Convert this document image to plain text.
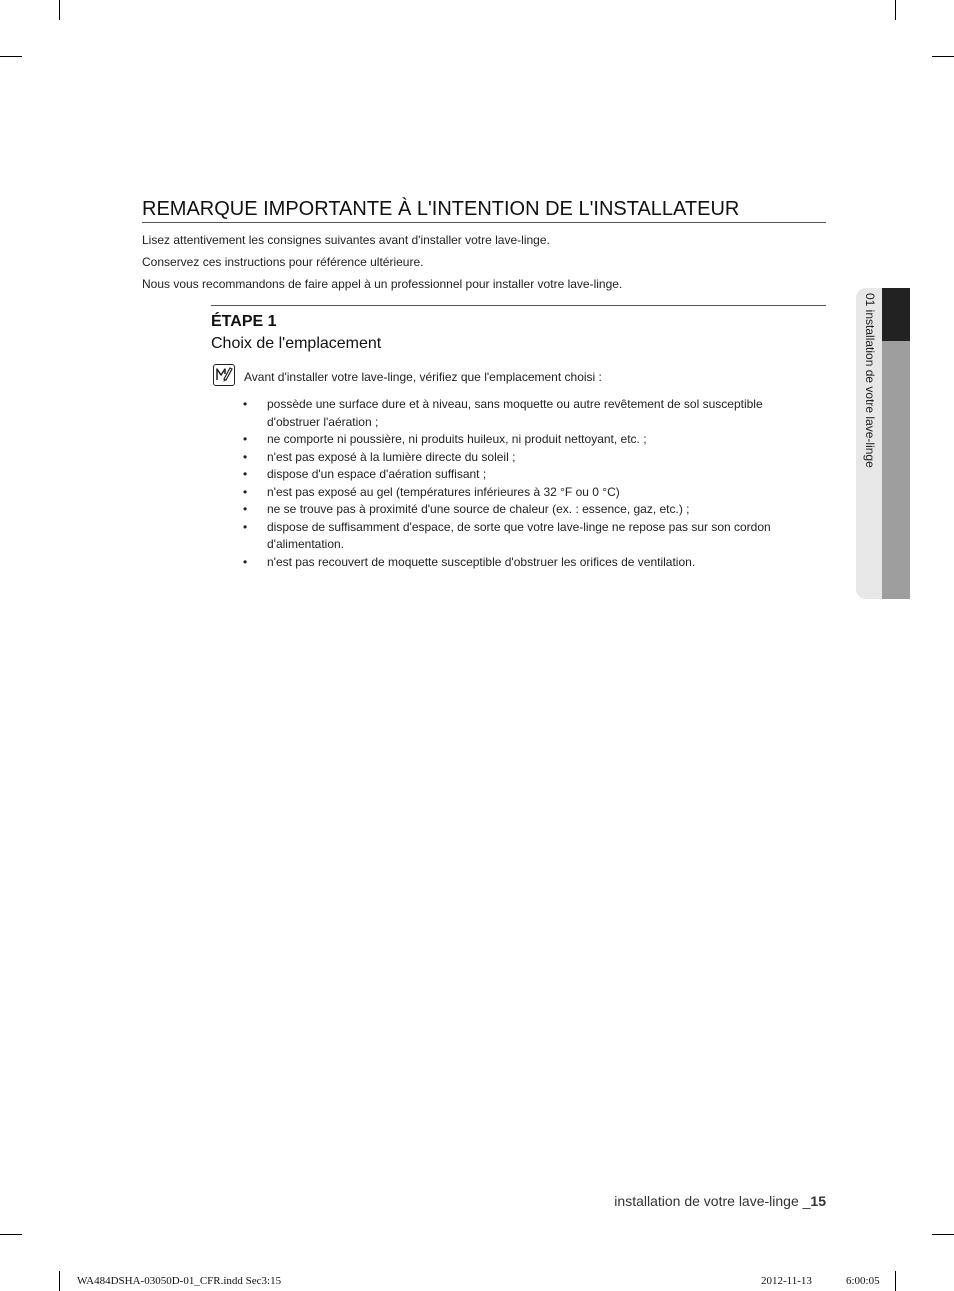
REMARQUE IMPORTANTE À L'INTENTION DE L'INSTALLATEUR

Lisez attentivement les consignes suivantes avant d'installer votre lave-linge.

Conservez ces instructions pour référence ultérieure.

Nous vous recommandons de faire appel à un professionnel pour installer votre lave-linge.

ÉTAPE 1

Choix de l'emplacement

Avant d'installer votre lave-linge, vérifiez que l'emplacement choisi :

• possède une surface dure et à niveau, sans moquette ou autre revêtement de sol susceptible d'obstruer l'aération ;
• ne comporte ni poussière, ni produits huileux, ni produit nettoyant, etc. ;
• n'est pas exposé à la lumière directe du soleil ;
• dispose d'un espace d'aération suffisant ;
• n'est pas exposé au gel (températures inférieures à 32 °F ou 0 °C)
• ne se trouve pas à proximité d'une source de chaleur (ex. : essence, gaz, etc.) ;
• dispose de suffisamment d'espace, de sorte que votre lave-linge ne repose pas sur son cordon d'alimentation.
• n'est pas recouvert de moquette susceptible d'obstruer les orifices de ventilation.
01 installation de votre lave-linge

installation de votre lave-linge _15

WA484DSHA-03050D-01_CFR.indd Sec3:15	2012-11-13	6:00:05
